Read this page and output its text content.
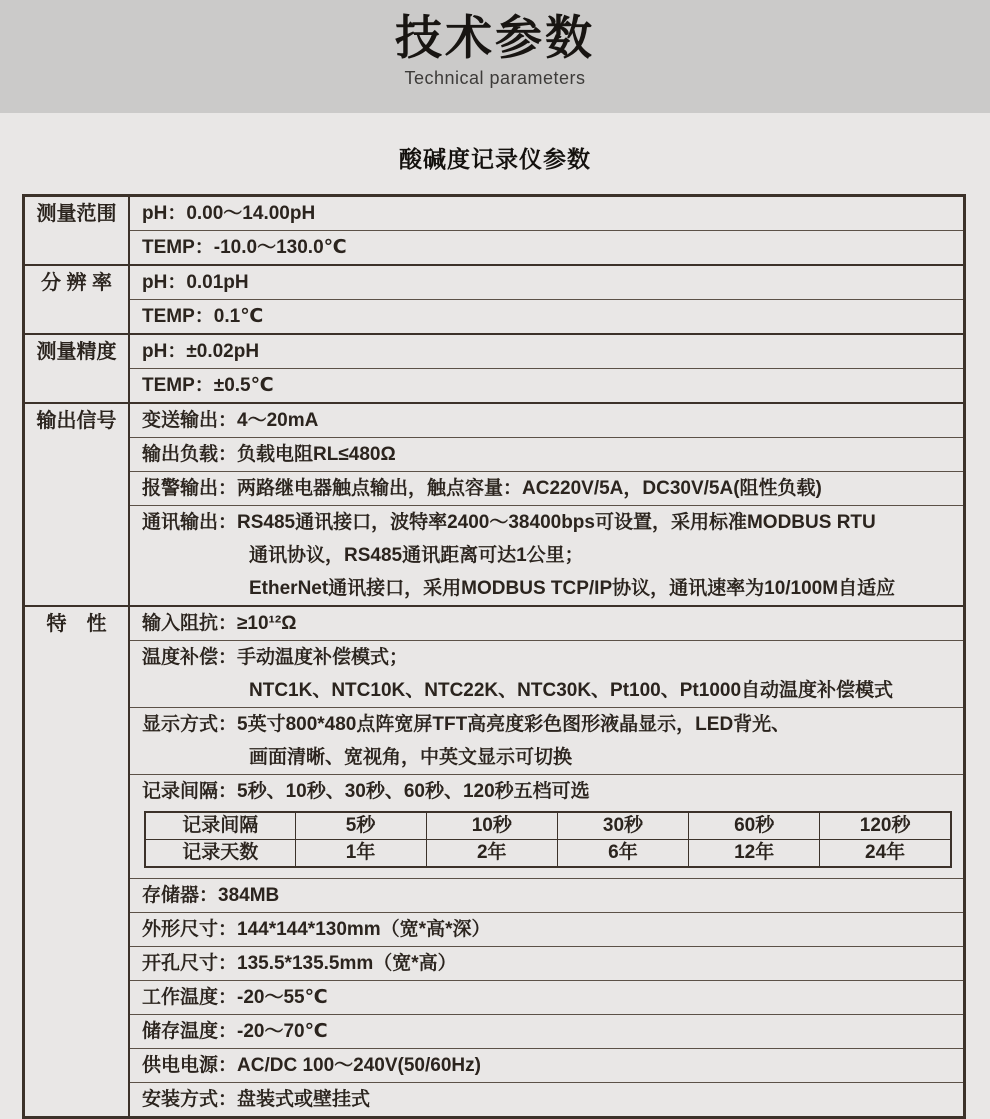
技术参数
Technical parameters
酸碱度记录仪参数
测量范围	pH：0.00～14.00pH

TEMP：-10.0～130.0℃

分 辨 率	pH：0.01pH

TEMP：0.1℃

测量精度	pH：±0.02pH

TEMP：±0.5℃

输出信号	变送输出：4～20mA

输出负载：负载电阻RL≤480Ω

报警输出：两路继电器触点输出，触点容量：AC220V/5A，DC30V/5A(阻性负载)

通讯输出：RS485通讯接口，波特率2400～38400bps可设置，采用标准MODBUS RTU
通讯协议，RS485通讯距离可达1公里；
EtherNet通讯接口，采用MODBUS TCP/IP协议，通讯速率为10/100M自适应

特　性	输入阻抗：≥10¹²Ω

温度补偿：手动温度补偿模式；
NTC1K、NTC10K、NTC22K、NTC30K、Pt100、Pt1000自动温度补偿模式

显示方式：5英寸800*480点阵宽屏TFT高亮度彩色图形液晶显示，LED背光、
画面清晰、宽视角，中英文显示可切换

记录间隔：5秒、10秒、30秒、60秒、120秒五档可选
记录间隔	5秒	10秒	30秒	60秒	120秒
记录天数	1年	2年	6年	12年	24年

存储器：384MB

外形尺寸：144*144*130mm（宽*高*深）

开孔尺寸：135.5*135.5mm（宽*高）

工作温度：-20～55℃

储存温度：-20～70℃

供电电源：AC/DC 100～240V(50/60Hz)

安装方式：盘装式或壁挂式
